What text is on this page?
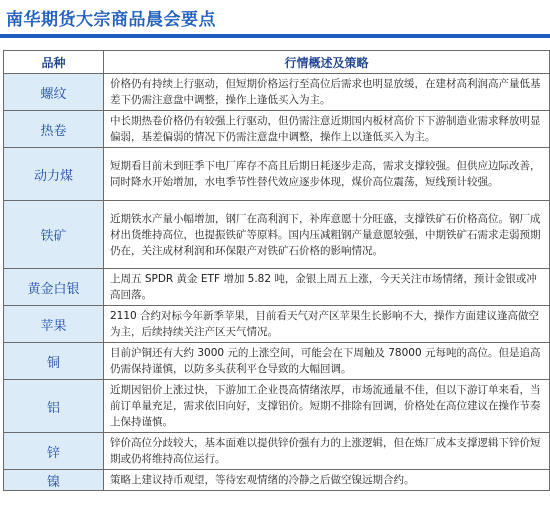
南华期货大宗商品晨会要点
品种	行情概述及策略
螺纹	价格仍有持续上行驱动，但短期价格运行至高位后需求也明显放缓，在建材高利润高产量低基差下仍需注意盘中调整，操作上逢低买入为主。
热卷	中长期热卷价格仍有较强上行驱动，但仍需注意近期国内板材高价下下游制造业需求释放明显偏弱，基差偏弱的情况下仍需注意盘中调整，操作上以逢低买入为主。
动力煤	短期看目前未到旺季下电厂库存不高且后期日耗逐步走高，需求支撑较强。但供应边际改善，同时降水开始增加，水电季节性替代效应逐步体现，煤价高位震荡，短线预计较强。
铁矿	近期铁水产量小幅增加，钢厂在高利润下，补库意愿十分旺盛，支撑铁矿石价格高位。钢厂成材出货维持高位，也提振铁矿等原料。国内压减粗钢产量意愿较强，中期铁矿石需求走弱预期仍在，关注成材利润和环保限产对铁矿石价格的影响情况。
黄金白银	上周五 SPDR 黄金 ETF 增加 5.82 吨，金银上周五上涨，今天关注市场情绪，预计金银或冲高回落。
苹果	2110 合约对标今年新季苹果，目前看天气对产区苹果生长影响不大，操作方面建议逢高做空为主，后续持续关注产区天气情况。
铜	目前沪铜还有大约 3000 元的上涨空间，可能会在下周触及 78000 元每吨的高位。但是追高仍需保持谨慎，以防多头获利平仓导致的大幅回调。
铝	近期因铝价上涨过快，下游加工企业畏高情绪浓厚，市场流通量不佳，但以下游订单来看，当前订单量充足，需求依旧向好，支撑铝价。短期不排除有回调，价格处在高位建议在操作节奏上保持谨慎。
锌	锌价高位分歧较大，基本面难以提供锌价强有力的上涨逻辑，但在炼厂成本支撑逻辑下锌价短期或仍将维持高位运行。
镍	策略上建议持币观望，等待宏观情绪的冷静之后做空镍远期合约。
